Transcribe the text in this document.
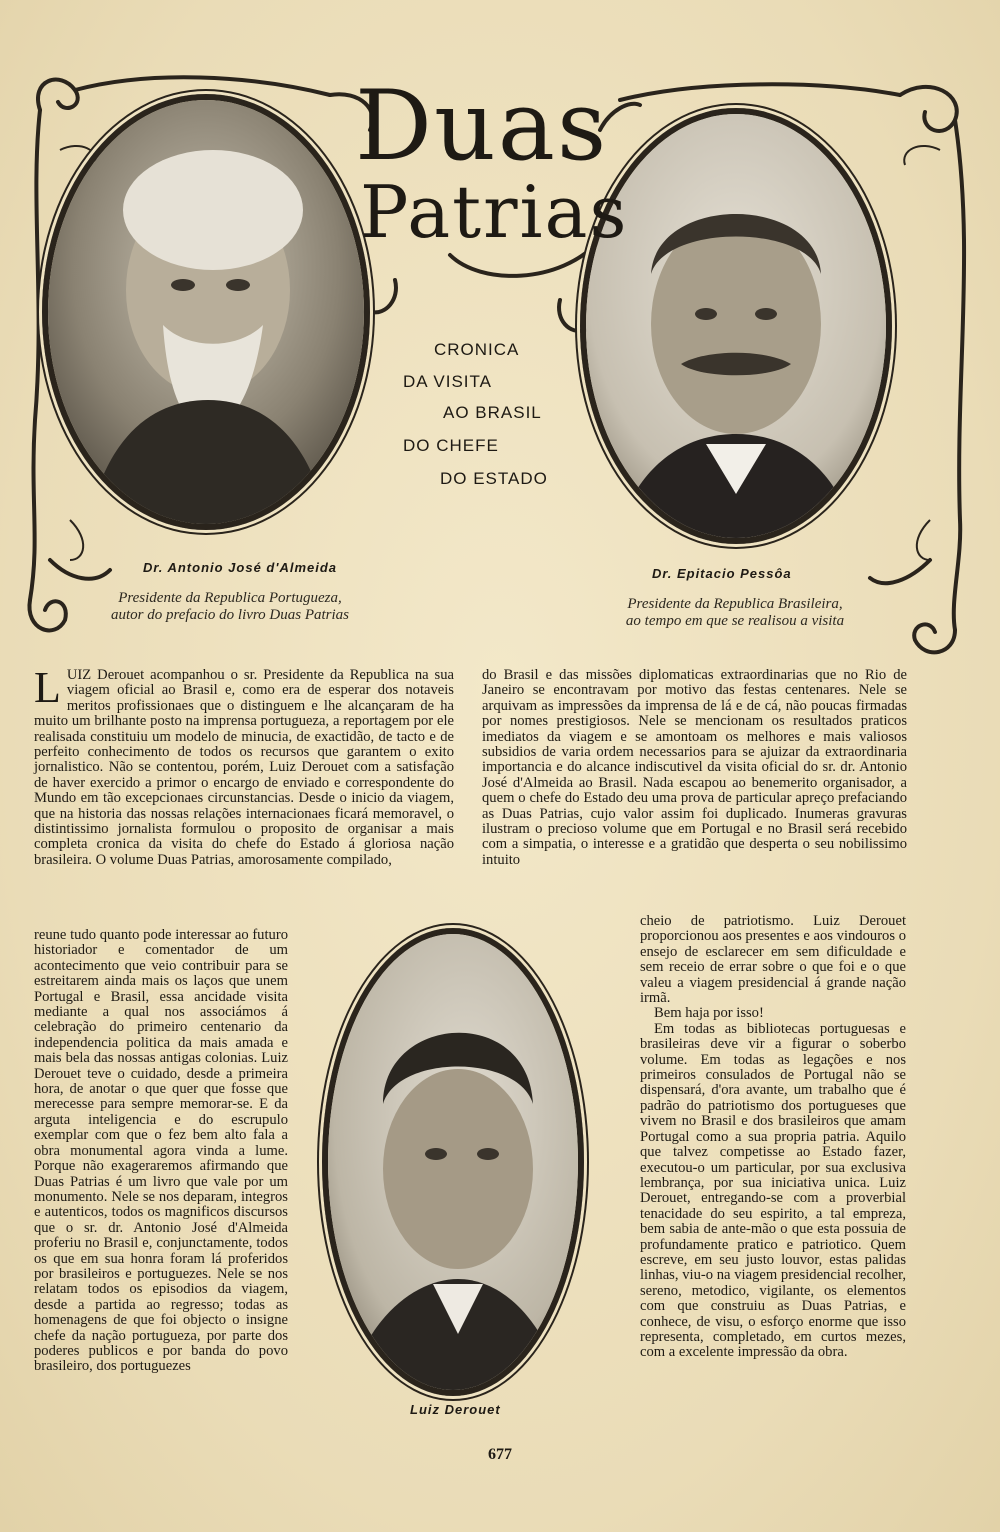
Duas
Patrias
CRONICA
DA VISITA
AO BRASIL
DO CHEFE
DO ESTADO
Dr. Antonio José d'Almeida
Presidente da Republica Portugueza,
autor do prefacio do livro Duas Patrias
Dr. Epitacio Pessôa
Presidente da Republica Brasileira,
ao tempo em que se realisou a visita
Luiz Derouet

LUIZ Derouet acompanhou o sr. Presidente da Republica na sua viagem oficial ao Brasil e, como era de esperar dos notaveis meritos profissionaes que o distinguem e lhe alcançaram de ha muito um brilhante posto na imprensa portugueza, a reportagem por ele realisada constituiu um modelo de minucia, de exactidão, de tacto e de perfeito conhecimento de todos os recursos que garantem o exito jornalistico. Não se contentou, porém, Luiz Derouet com a satisfação de haver exercido a primor o encargo de enviado e correspondente do Mundo em tão excepcionaes circunstancias. Desde o inicio da viagem, que na historia das nossas relações internacionaes ficará memoravel, o distintissimo jornalista formulou o proposito de organisar a mais completa cronica da visita do chefe do Estado á gloriosa nação brasileira. O volume Duas Patrias, amorosamente compilado,

reune tudo quanto pode interessar ao futuro historiador e comentador de um acontecimento que veio contribuir para se estreitarem ainda mais os laços que unem Portugal e Brasil, essa ancidade visita mediante a qual nos associámos á celebração do primeiro centenario da independencia politica da mais amada e mais bela das nossas antigas colonias. Luiz Derouet teve o cuidado, desde a primeira hora, de anotar o que quer que fosse que merecesse para sempre memorar-se. E da arguta inteligencia e do escrupulo exemplar com que o fez bem alto fala a obra monumental agora vinda a lume. Porque não exageraremos afirmando que Duas Patrias é um livro que vale por um monumento. Nele se nos deparam, integros e autenticos, todos os magnificos discursos que o sr. dr. Antonio José d'Almeida proferiu no Brasil e, conjunctamente, todos os que em sua honra foram lá proferidos por brasileiros e portuguezes. Nele se nos relatam todos os episodios da viagem, desde a partida ao regresso; todas as homenagens de que foi objecto o insigne chefe da nação portugueza, por parte dos poderes publicos e por banda do povo brasileiro, dos portuguezes

do Brasil e das missões diplomaticas extraordinarias que no Rio de Janeiro se encontravam por motivo das festas centenares. Nele se arquivam as impressões da imprensa de lá e de cá, não poucas firmadas por nomes prestigiosos. Nele se mencionam os resultados praticos imediatos da viagem e se amontoam os melhores e mais valiosos subsidios de varia ordem necessarios para se ajuizar da extraordinaria importancia e do alcance indiscutivel da visita oficial do sr. dr. Antonio José d'Almeida ao Brasil. Nada escapou ao benemerito organisador, a quem o chefe do Estado deu uma prova de particular apreço prefaciando as Duas Patrias, cujo valor assim foi duplicado. Inumeras gravuras ilustram o precioso volume que em Portugal e no Brasil será recebido com a simpatia, o interesse e a gratidão que desperta o seu nobilissimo intuito

cheio de patriotismo. Luiz Derouet proporcionou aos presentes e aos vindouros o ensejo de esclarecer em sem dificuldade e sem receio de errar sobre o que foi e o que valeu a viagem presidencial á grande nação irmã.

Bem haja por isso!

Em todas as bibliotecas portuguesas e brasileiras deve vir a figurar o soberbo volume. Em todas as legações e nos primeiros consulados de Portugal não se dispensará, d'ora avante, um trabalho que é padrão do patriotismo dos portugueses que vivem no Brasil e dos brasileiros que amam Portugal como a sua propria patria. Aquilo que talvez competisse ao Estado fazer, executou-o um particular, por sua exclusiva lembrança, por sua iniciativa unica. Luiz Derouet, entregando-se com a proverbial tenacidade do seu espirito, a tal empreza, bem sabia de ante-mão o que esta possuia de profundamente pratico e patriotico. Quem escreve, em seu justo louvor, estas palidas linhas, viu-o na viagem presidencial recolher, sereno, metodico, vigilante, os elementos com que construiu as Duas Patrias, e conhece, de visu, o esforço enorme que isso representa, completado, em curtos mezes, com a excelente impressão da obra.

677
